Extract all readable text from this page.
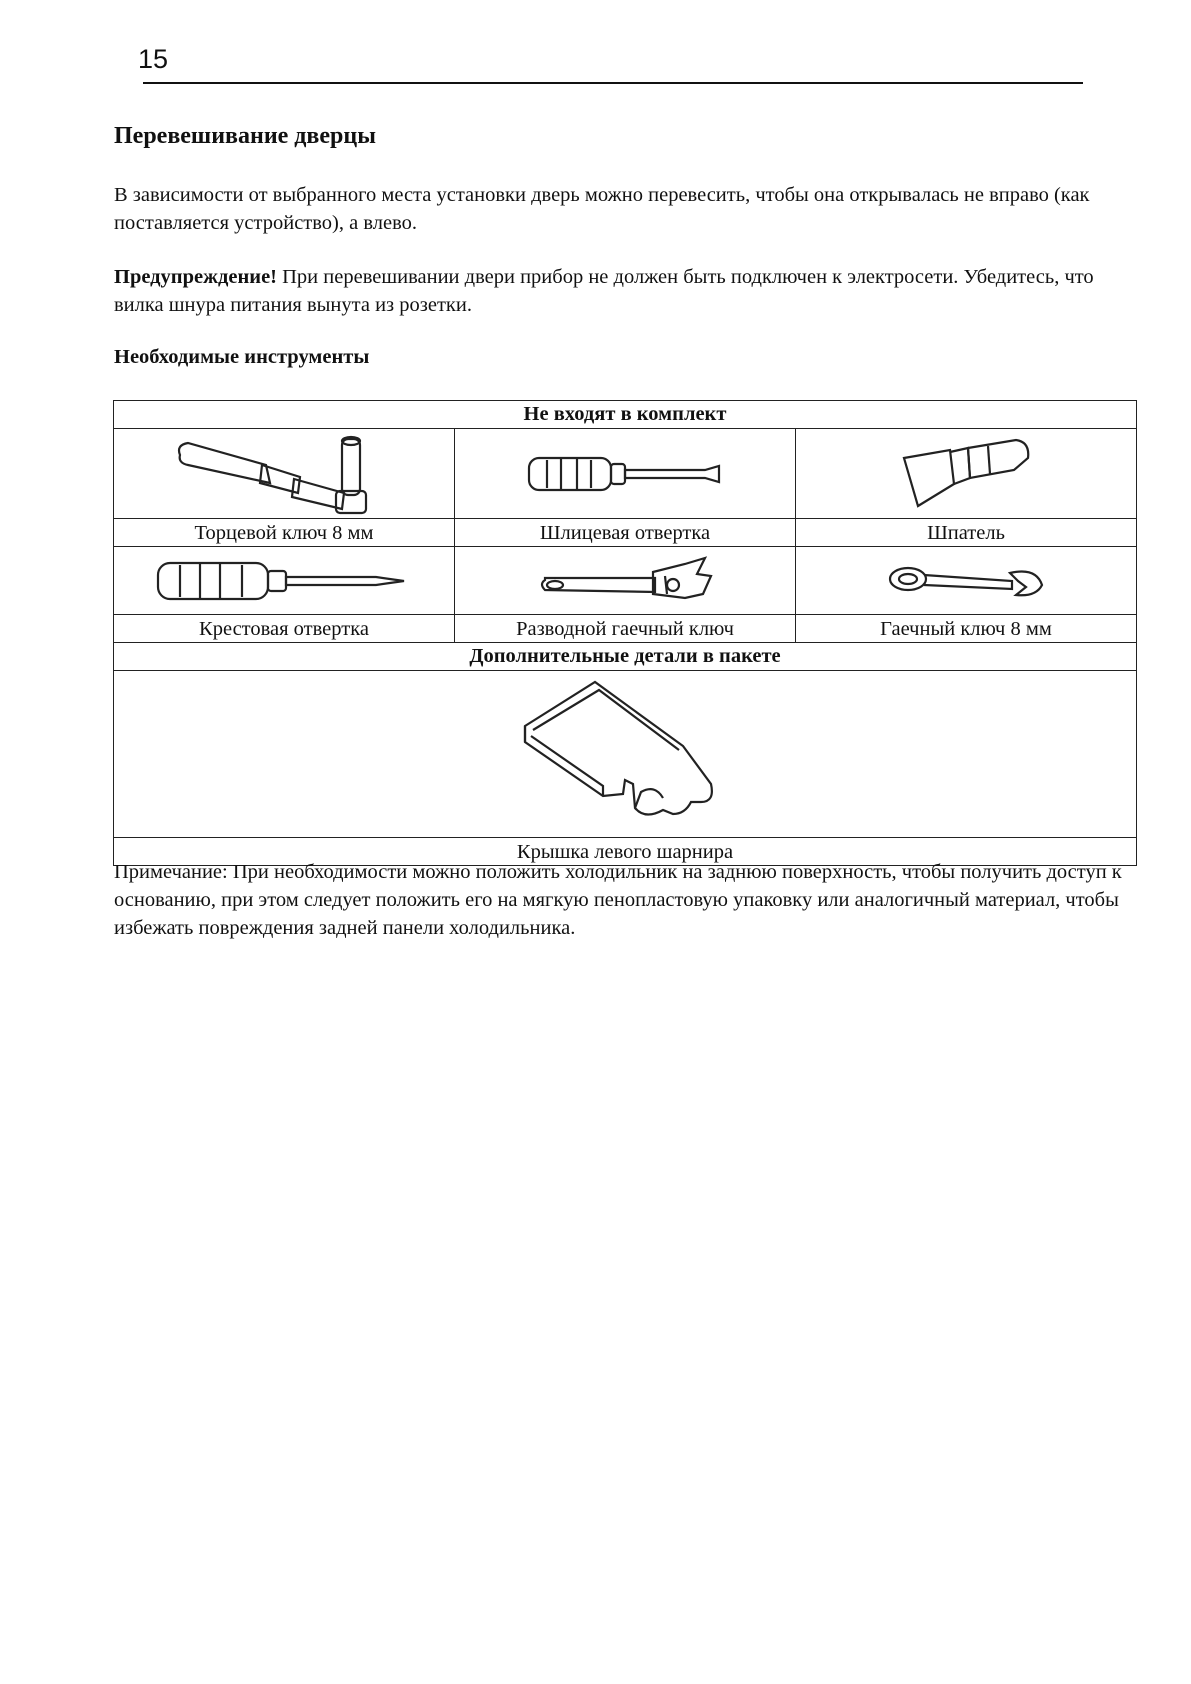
15
Перевешивание дверцы

В зависимости от выбранного места установки дверь можно перевесить, чтобы она открывалась не вправо (как поставляется устройство), а влево.

Предупреждение! При перевешивании двери прибор не должен быть подключен к электросети. Убедитесь, что вилка шнура питания вынута из розетки.

Необходимые инструменты
Не входят в комплект		

Торцевой ключ 8 мм	Шлицевая отвертка	Шпатель

Крестовая отвертка	Разводной гаечный ключ	Гаечный ключ 8 мм
Дополнительные детали в пакете		

Крышка левого шарнира		

Примечание: При необходимости можно положить холодильник на заднюю поверхность, чтобы получить доступ к основанию, при этом следует положить его на мягкую пенопластовую упаковку или аналогичный материал, чтобы избежать повреждения задней панели холодильника.
